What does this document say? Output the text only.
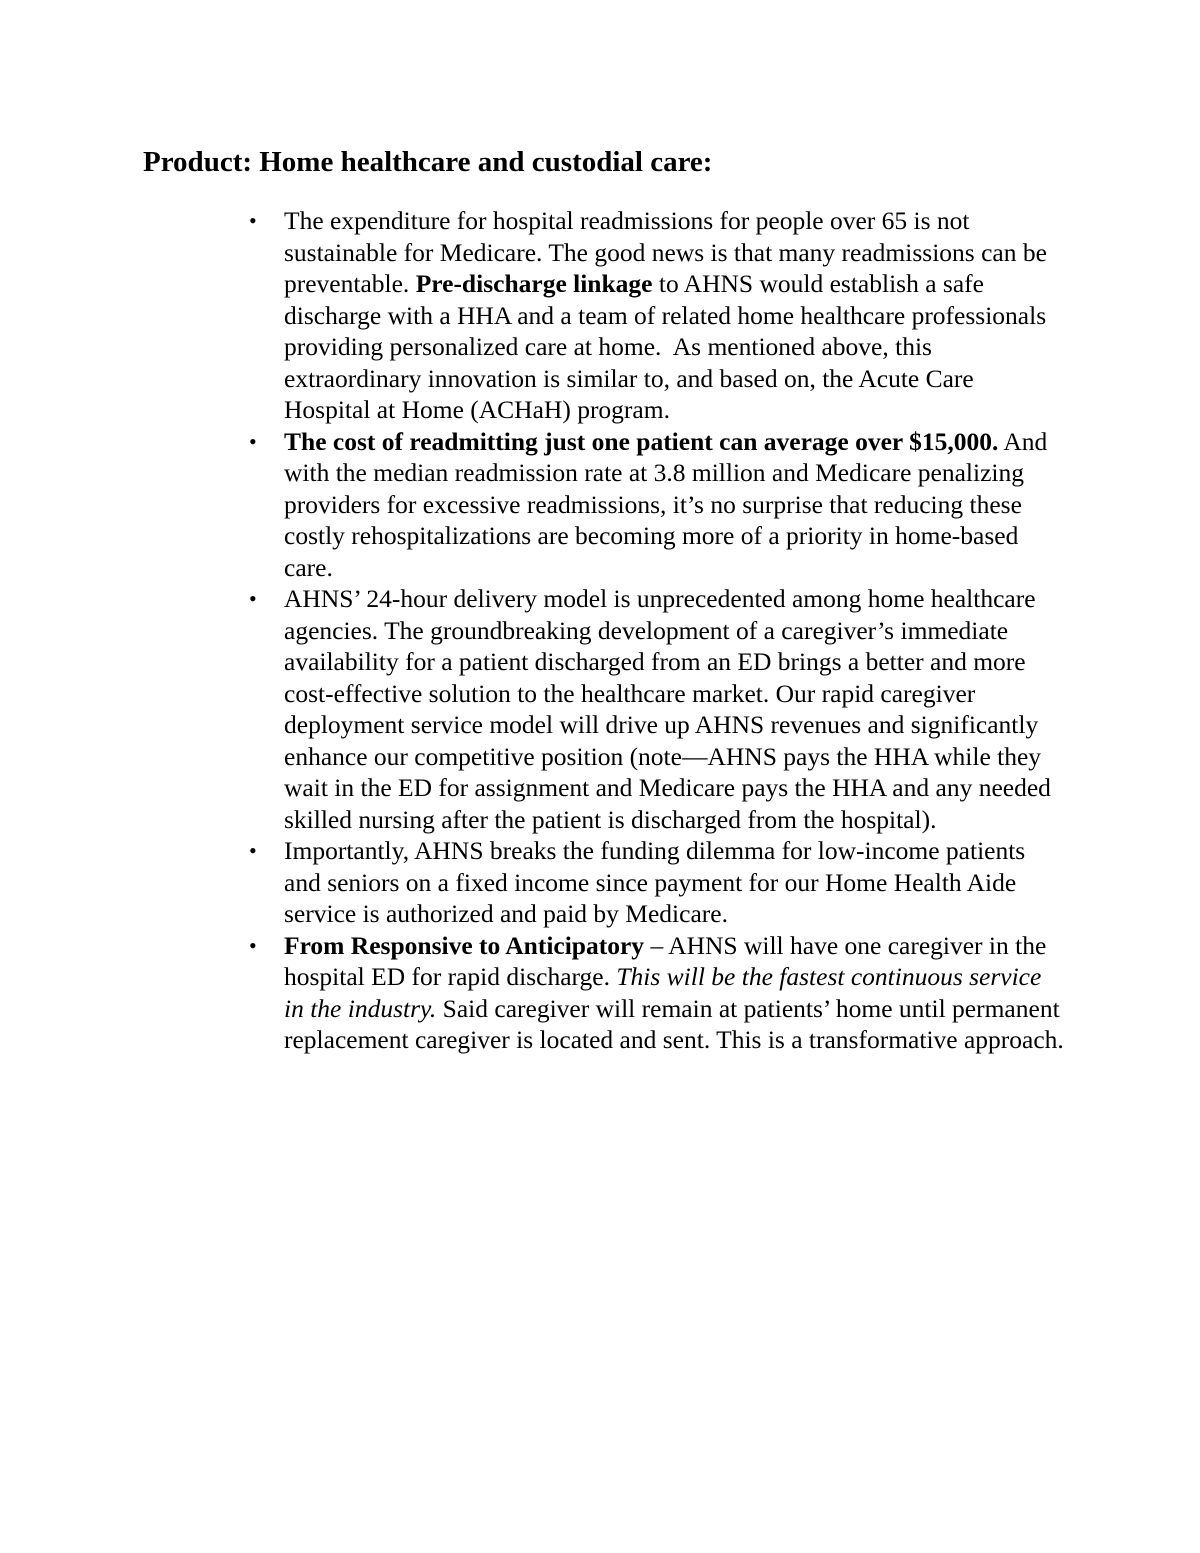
Product: Home healthcare and custodial care:
•	The expenditure for hospital readmissions for people over 65 is not sustainable for Medicare. The good news is that many readmissions can be preventable. Pre-discharge linkage to AHNS would establish a safe discharge with a HHA and a team of related home healthcare professionals providing personalized care at home.  As mentioned above, this extraordinary innovation is similar to, and based on, the Acute Care Hospital at Home (ACHaH) program.
•	The cost of readmitting just one patient can average over $15,000. And with the median readmission rate at 3.8 million and Medicare penalizing providers for excessive readmissions, it’s no surprise that reducing these costly rehospitalizations are becoming more of a priority in home-based care.
•	AHNS’ 24-hour delivery model is unprecedented among home healthcare agencies. The groundbreaking development of a caregiver’s immediate availability for a patient discharged from an ED brings a better and more cost-effective solution to the healthcare market. Our rapid caregiver deployment service model will drive up AHNS revenues and significantly enhance our competitive position (note—AHNS pays the HHA while they wait in the ED for assignment and Medicare pays the HHA and any needed skilled nursing after the patient is discharged from the hospital).
•	Importantly, AHNS breaks the funding dilemma for low-income patients and seniors on a fixed income since payment for our Home Health Aide service is authorized and paid by Medicare.
•	From Responsive to Anticipatory – AHNS will have one caregiver in the hospital ED for rapid discharge. This will be the fastest continuous service in the industry. Said caregiver will remain at patients’ home until permanent replacement caregiver is located and sent. This is a transformative approach.
